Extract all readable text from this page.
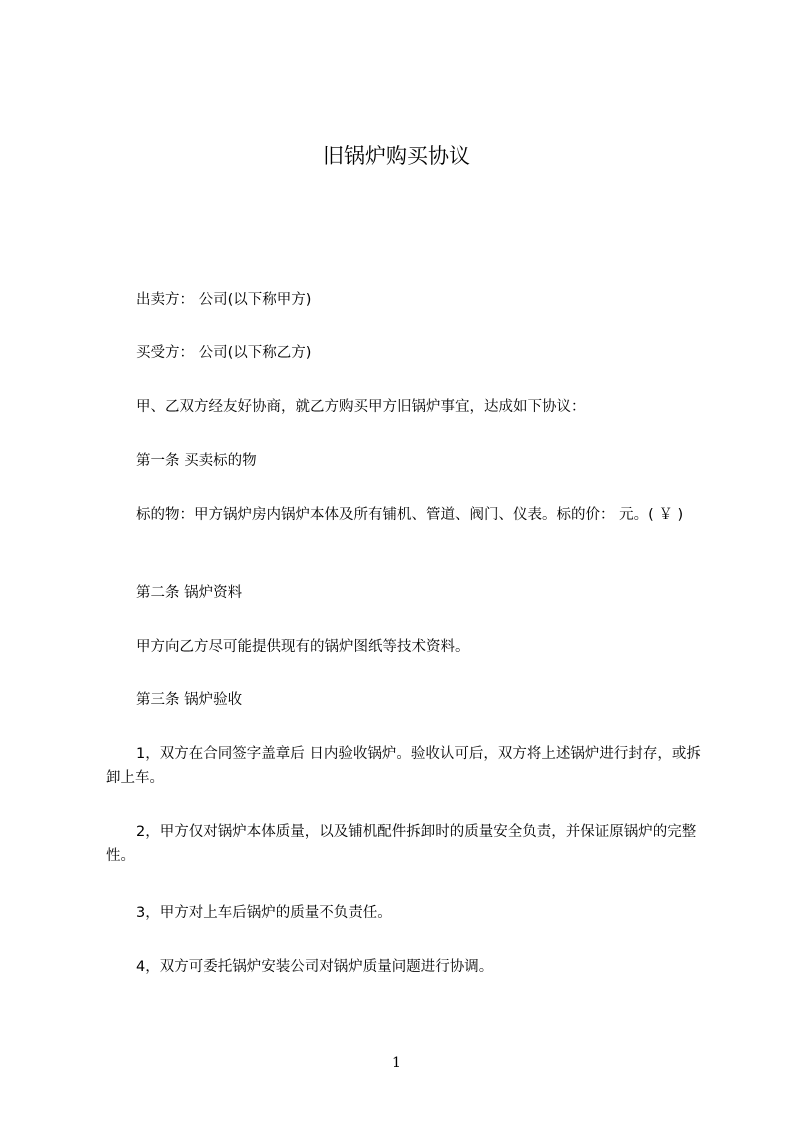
旧锅炉购买协议

出卖方： 公司(以下称甲方)

买受方： 公司(以下称乙方)

甲、乙双方经友好协商，就乙方购买甲方旧锅炉事宜，达成如下协议：

第一条 买卖标的物

标的物：甲方锅炉房内锅炉本体及所有铺机、管道、阀门、仪表。标的价： 元。( ￥ )

第二条 锅炉资料

甲方向乙方尽可能提供现有的锅炉图纸等技术资料。

第三条 锅炉验收

1，双方在合同签字盖章后 日内验收锅炉。验收认可后，双方将上述锅炉进行封存，或拆卸上车。

2，甲方仅对锅炉本体质量，以及铺机配件拆卸时的质量安全负责，并保证原锅炉的完整性。

3，甲方对上车后锅炉的质量不负责任。

4，双方可委托锅炉安装公司对锅炉质量问题进行协调。

1
